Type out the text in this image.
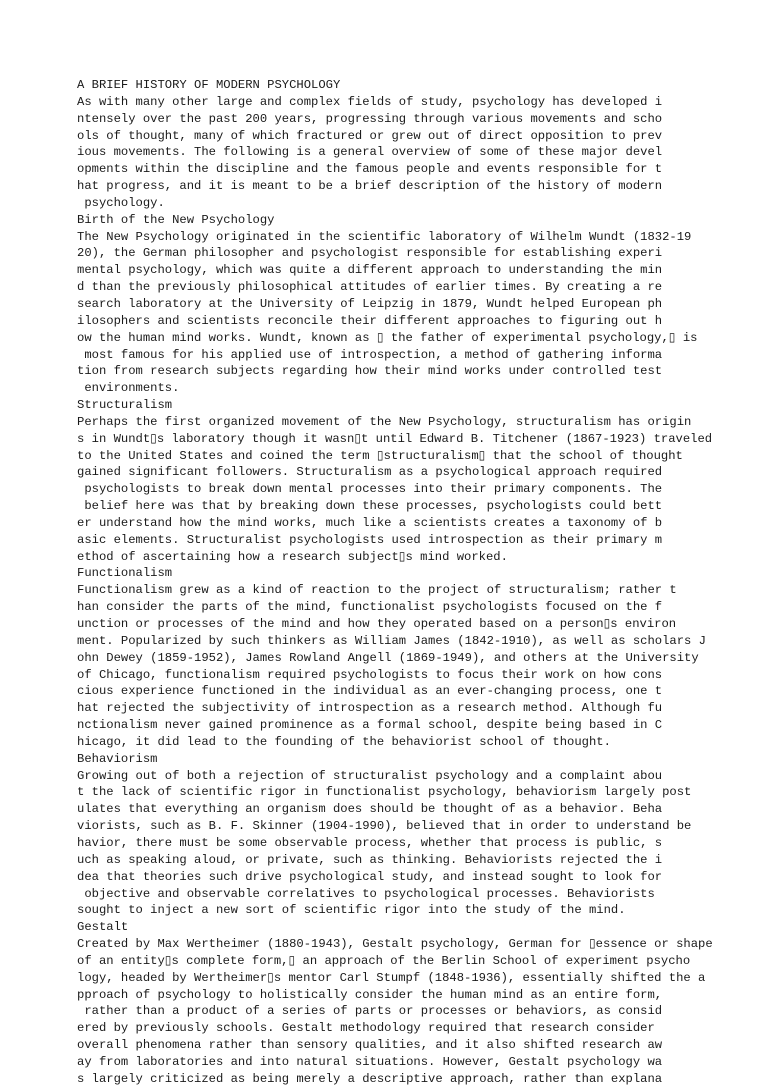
A BRIEF HISTORY OF MODERN PSYCHOLOGY
As with many other large and complex fields of study, psychology has developed i
ntensely over the past 200 years, progressing through various movements and scho
ols of thought, many of which fractured or grew out of direct opposition to prev
ious movements. The following is a general overview of some of these major devel
opments within the discipline and the famous people and events responsible for t
hat progress, and it is meant to be a brief description of the history of modern
psychology.
Birth of the New Psychology
The New Psychology originated in the scientific laboratory of Wilhelm Wundt (1832-19
20), the German philosopher and psychologist responsible for establishing experi
mental psychology, which was quite a different approach to understanding the min
d than the previously philosophical attitudes of earlier times. By creating a re
search laboratory at the University of Leipzig in 1879, Wundt helped European ph
ilosophers and scientists reconcile their different approaches to figuring out h
ow the human mind works. Wundt, known as ▯ the father of experimental psychology,▯ is
most famous for his applied use of introspection, a method of gathering informa
tion from research subjects regarding how their mind works under controlled test
environments.
Structuralism
Perhaps the first organized movement of the New Psychology, structuralism has origin
s in Wundt▯s laboratory though it wasn▯t until Edward B. Titchener (1867-1923) traveled
to the United States and coined the term ▯structuralism▯ that the school of thought
gained significant followers. Structuralism as a psychological approach required
psychologists to break down mental processes into their primary components. The
belief here was that by breaking down these processes, psychologists could bett
er understand how the mind works, much like a scientists creates a taxonomy of b
asic elements. Structuralist psychologists used introspection as their primary m
ethod of ascertaining how a research subject▯s mind worked.
Functionalism
Functionalism grew as a kind of reaction to the project of structuralism; rather t
han consider the parts of the mind, functionalist psychologists focused on the f
unction or processes of the mind and how they operated based on a person▯s environ
ment. Popularized by such thinkers as William James (1842-1910), as well as scholars J
ohn Dewey (1859-1952), James Rowland Angell (1869-1949), and others at the University
of Chicago, functionalism required psychologists to focus their work on how cons
cious experience functioned in the individual as an ever-changing process, one t
hat rejected the subjectivity of introspection as a research method. Although fu
nctionalism never gained prominence as a formal school, despite being based in C
hicago, it did lead to the founding of the behaviorist school of thought.
Behaviorism
Growing out of both a rejection of structuralist psychology and a complaint abou
t the lack of scientific rigor in functionalist psychology, behaviorism largely post
ulates that everything an organism does should be thought of as a behavior. Beha
viorists, such as B. F. Skinner (1904-1990), believed that in order to understand be
havior, there must be some observable process, whether that process is public, s
uch as speaking aloud, or private, such as thinking. Behaviorists rejected the i
dea that theories such drive psychological study, and instead sought to look for
objective and observable correlatives to psychological processes. Behaviorists
sought to inject a new sort of scientific rigor into the study of the mind.
Gestalt
Created by Max Wertheimer (1880-1943), Gestalt psychology, German for ▯essence or shape
of an entity▯s complete form,▯ an approach of the Berlin School of experiment psycho
logy, headed by Wertheimer▯s mentor Carl Stumpf (1848-1936), essentially shifted the a
pproach of psychology to holistically consider the human mind as an entire form,
rather than a product of a series of parts or processes or behaviors, as consid
ered by previously schools. Gestalt methodology required that research consider
overall phenomena rather than sensory qualities, and it also shifted research aw
ay from laboratories and into natural situations. However, Gestalt psychology wa
s largely criticized as being merely a descriptive approach, rather than explana
